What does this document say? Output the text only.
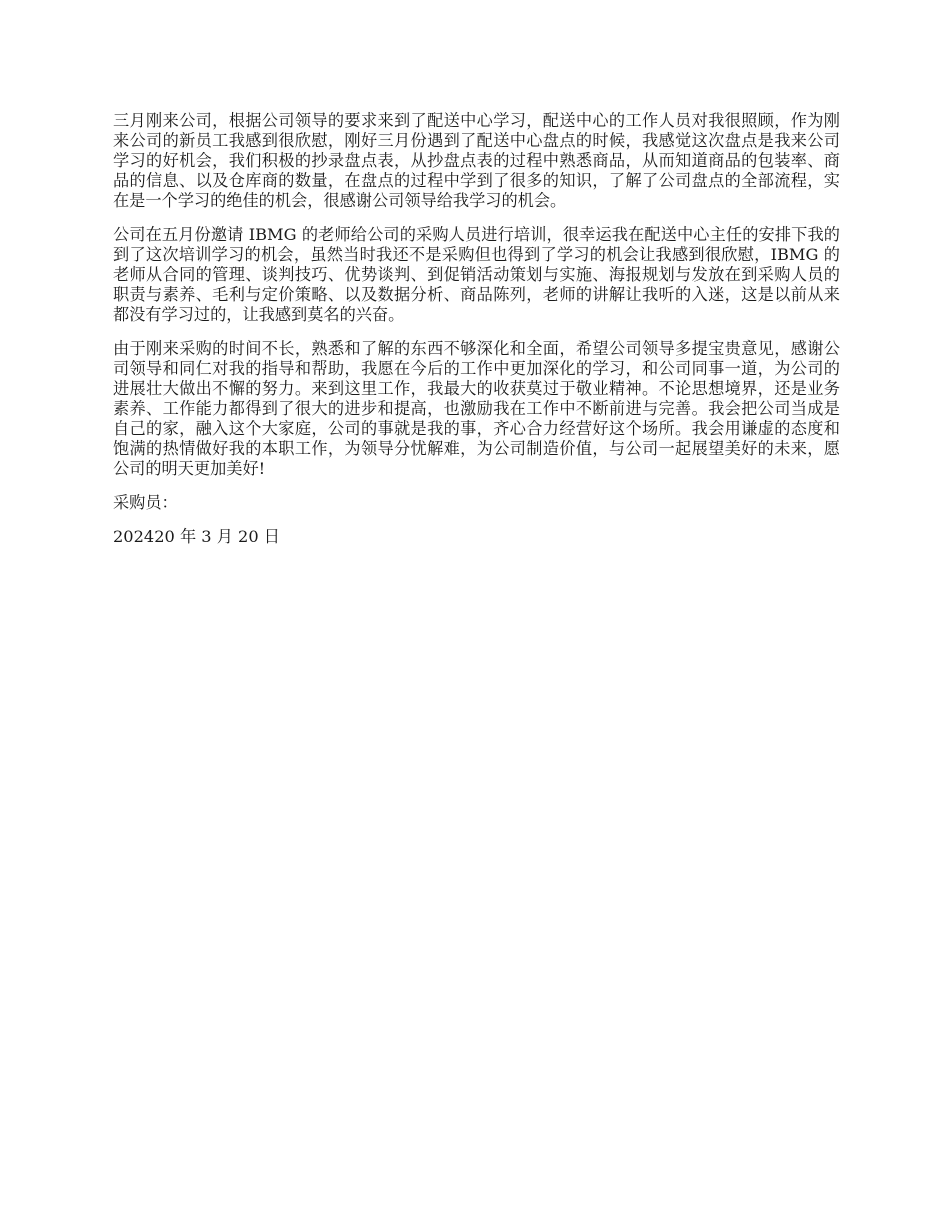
三月刚来公司，根据公司领导的要求来到了配送中心学习，配送中心的工作人员对我很照顾，作为刚来公司的新员工我感到很欣慰，刚好三月份遇到了配送中心盘点的时候，我感觉这次盘点是我来公司学习的好机会，我们积极的抄录盘点表，从抄盘点表的过程中熟悉商品，从而知道商品的包装率、商品的信息、以及仓库商的数量，在盘点的过程中学到了很多的知识，了解了公司盘点的全部流程，实在是一个学习的绝佳的机会，很感谢公司领导给我学习的机会。

公司在五月份邀请 IBMG 的老师给公司的采购人员进行培训，很幸运我在配送中心主任的安排下我的到了这次培训学习的机会，虽然当时我还不是采购但也得到了学习的机会让我感到很欣慰，IBMG 的老师从合同的管理、谈判技巧、优势谈判、到促销活动策划与实施、海报规划与发放在到采购人员的职责与素养、毛利与定价策略、以及数据分析、商品陈列，老师的讲解让我听的入迷，这是以前从来都没有学习过的，让我感到莫名的兴奋。

由于刚来采购的时间不长，熟悉和了解的东西不够深化和全面，希望公司领导多提宝贵意见，感谢公司领导和同仁对我的指导和帮助，我愿在今后的工作中更加深化的学习，和公司同事一道，为公司的进展壮大做出不懈的努力。来到这里工作，我最大的收获莫过于敬业精神。不论思想境界，还是业务素养、工作能力都得到了很大的进步和提高，也激励我在工作中不断前进与完善。我会把公司当成是自己的家，融入这个大家庭，公司的事就是我的事，齐心合力经营好这个场所。我会用谦虚的态度和饱满的热情做好我的本职工作，为领导分忧解难，为公司制造价值，与公司一起展望美好的未来，愿公司的明天更加美好!

采购员：

202420 年 3 月 20 日
